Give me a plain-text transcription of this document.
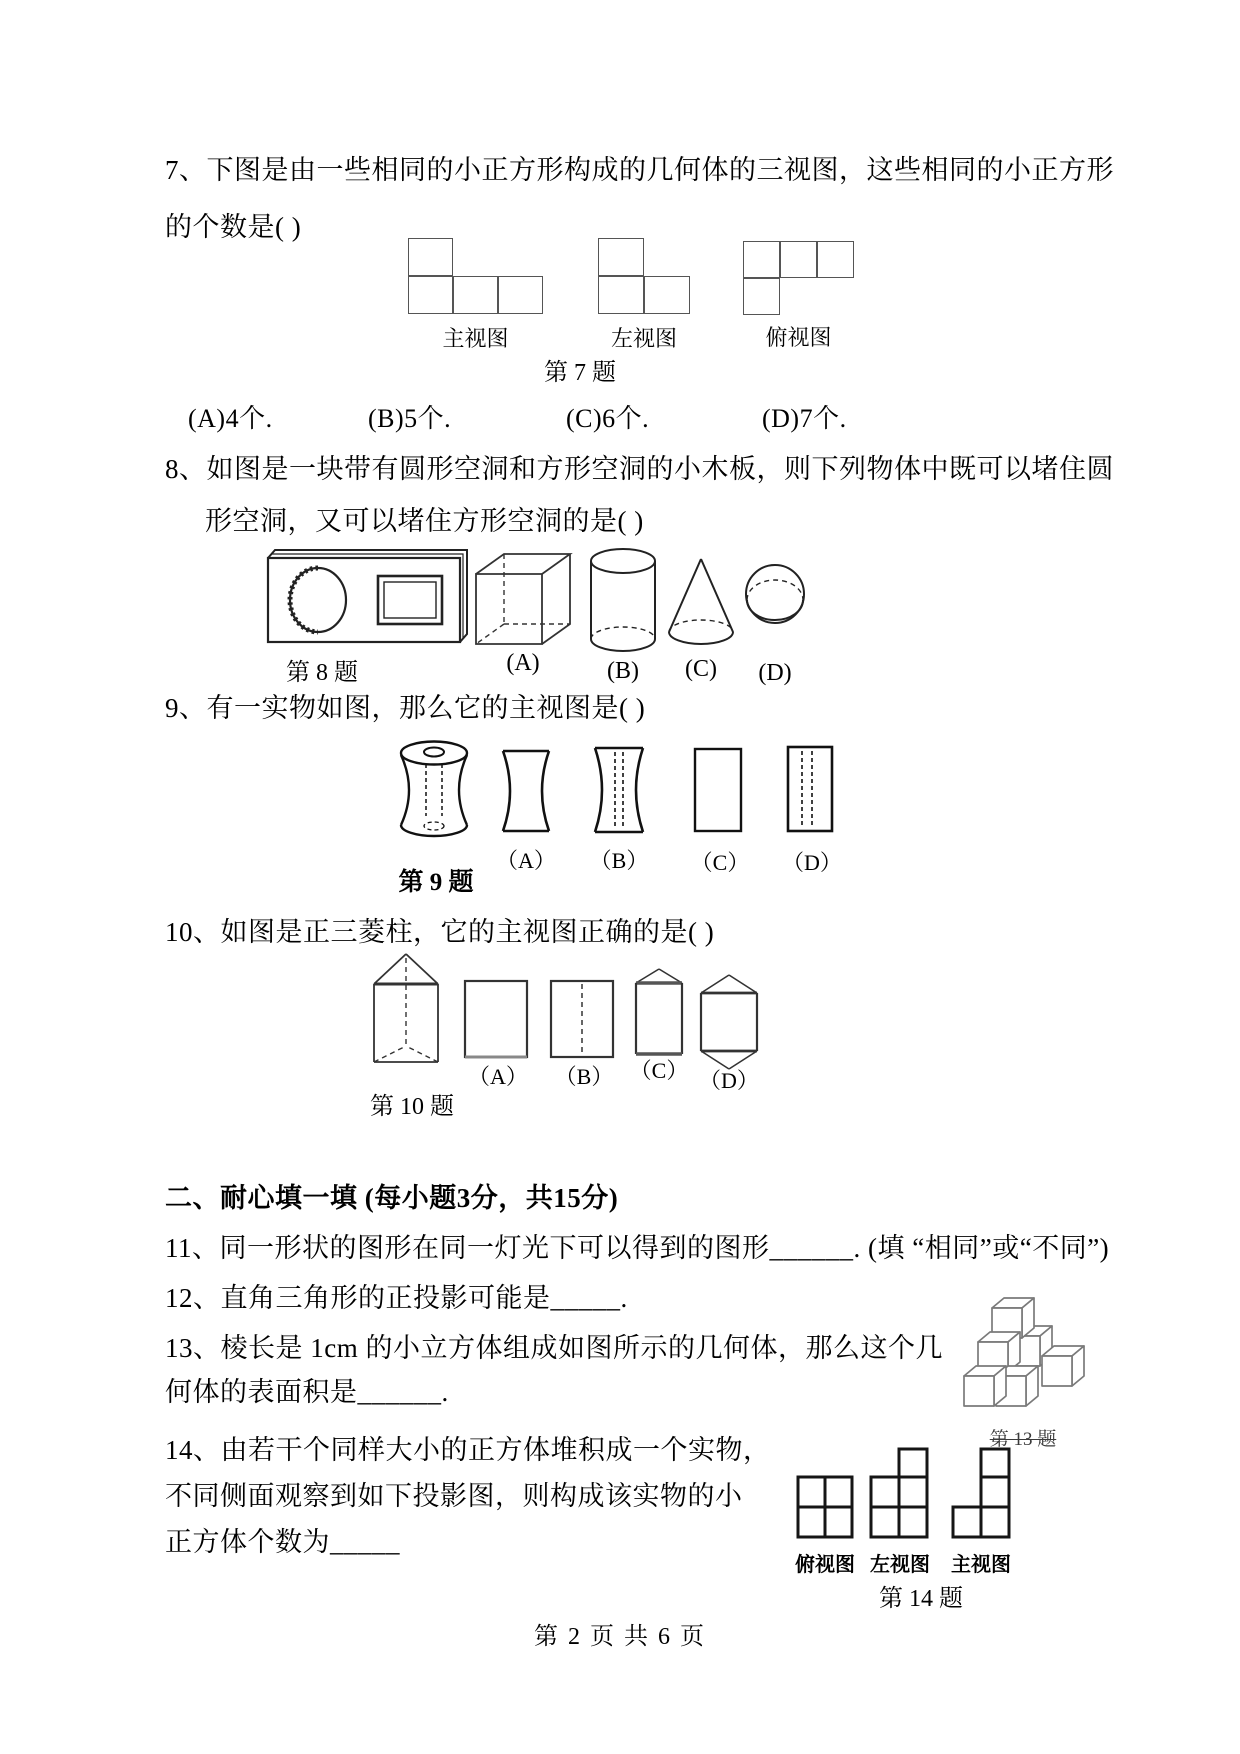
7、下图是由一些相同的小正方形构成的几何体的三视图，这些相同的小正方形
的个数是( )
主视图	左视图	俯视图
第 7 题
(A)4个.	(B)5个.	(C)6个.	(D)7个.
8、如图是一块带有圆形空洞和方形空洞的小木板，则下列物体中既可以堵住圆
形空洞，又可以堵住方形空洞的是( )
第 8 题	(A)	(B)	(C)	(D)
9、有一实物如图，那么它的主视图是( )
第 9 题
（A） （B） （C） （D）
10、如图是正三菱柱，它的主视图正确的是( )
（A） （B） （C） （D）
第 10 题
二、耐心填一填 (每小题3分，共15分)
11、同一形状的图形在同一灯光下可以得到的图形______. (填 “相同”或“不同”)
12、直角三角形的正投影可能是_____.
13、棱长是 1cm 的小立方体组成如图所示的几何体，那么这个几
何体的表面积是______.
14、由若干个同样大小的正方体堆积成一个实物，
不同侧面观察到如下投影图，则构成该实物的小
正方体个数为_____
第 13 题
俯视图 左视图 主视图
第 14 题
第 2 页 共 6 页
